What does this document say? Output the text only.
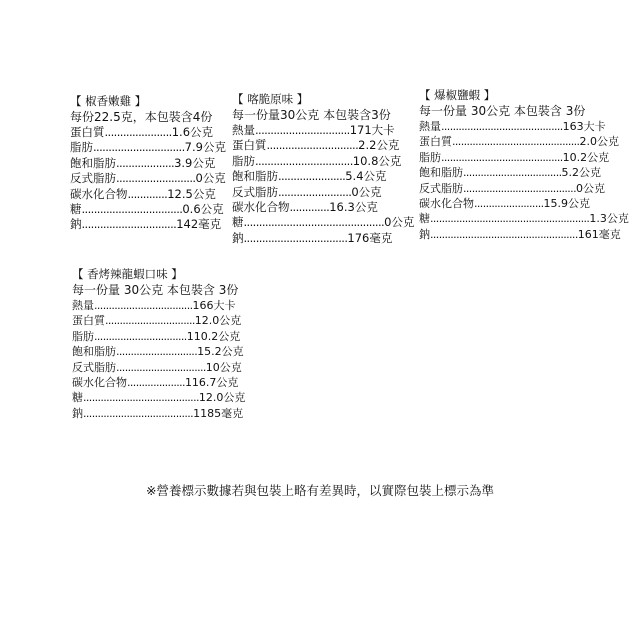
【 椒香嫩雞 】
每份22.5克，本包裝含4份
蛋白質......................1.6公克
脂肪..............................7.9公克
飽和脂肪...................3.9公克
反式脂肪..........................0公克
碳水化合物.............12.5公克
糖.................................0.6公克
鈉...............................142毫克
【 喀脆原味 】
每一份量30公克 本包裝含3份
熱量...............................171大卡
蛋白質..............................2.2公克
脂肪................................10.8公克
飽和脂肪......................5.4公克
反式脂肪........................0公克
碳水化合物.............16.3公克
糖..............................................0公克
鈉..................................176毫克
【 爆椒鹽蝦 】
每一份量 30公克 本包裝含 3份
熱量..........................................163大卡
蛋白質............................................2.0公克
脂肪..........................................10.2公克
飽和脂肪..................................5.2公克
反式脂肪.......................................0公克
碳水化合物........................15.9公克
糖.......................................................1.3公克
鈉...................................................161毫克
【 香烤辣龍蝦口味 】
每一份量 30公克 本包裝含 3份
熱量..................................166大卡
蛋白質...............................12.0公克
脂肪................................110.2公克
飽和脂肪............................15.2公克
反式脂肪...............................10公克
碳水化合物....................116.7公克
糖........................................12.0公克
鈉......................................1185毫克
※營養標示數據若與包裝上略有差異時，以實際包裝上標示為準
